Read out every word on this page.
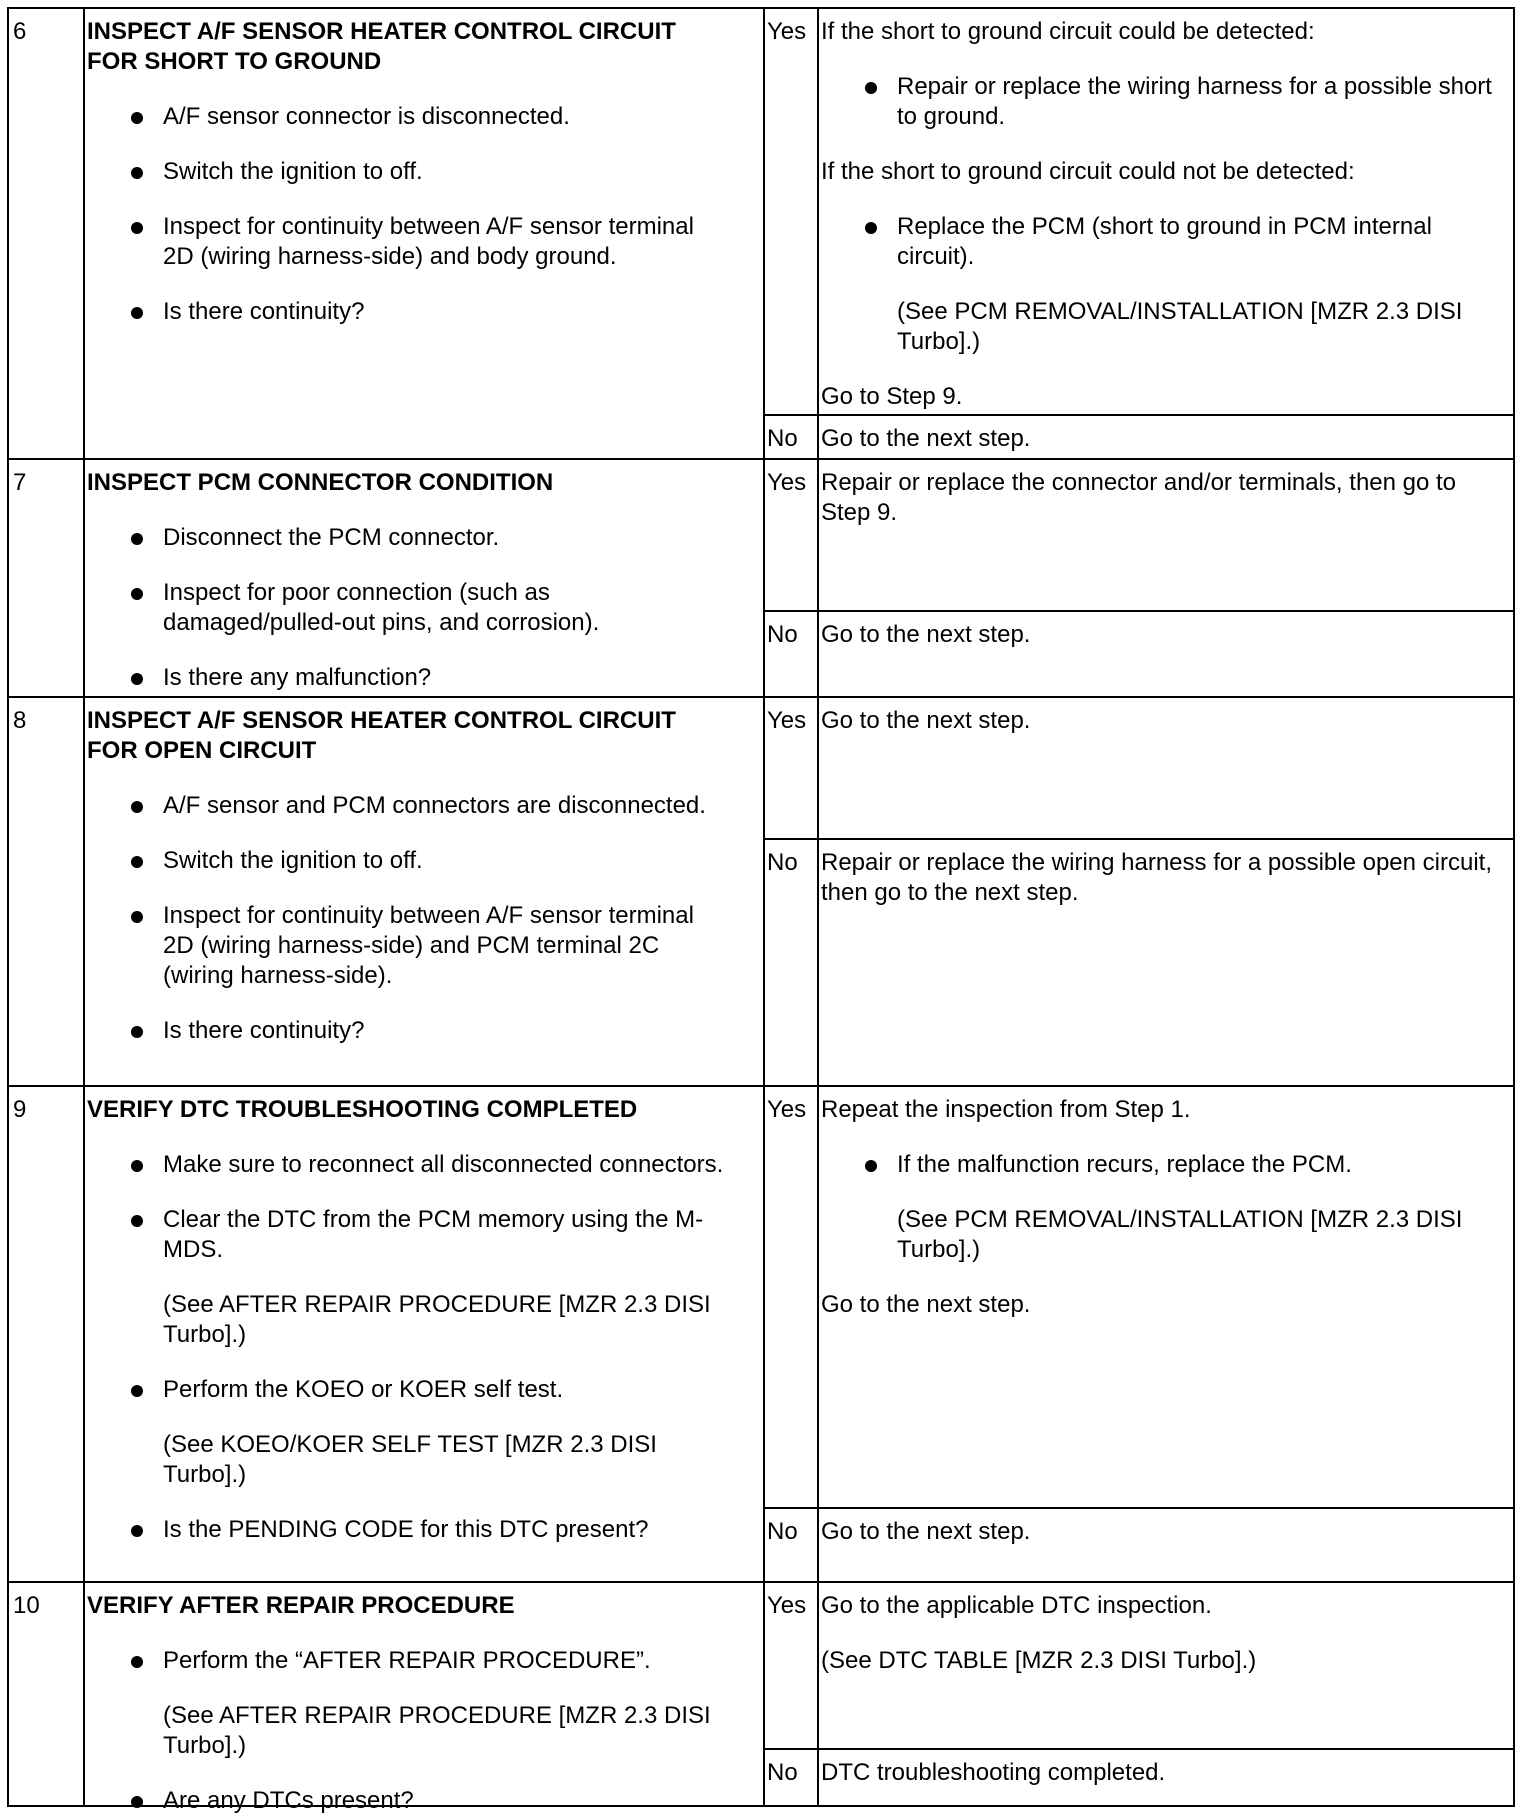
6	INSPECT A/F SENSOR HEATER CONTROL CIRCUIT FOR SHORT TO GROUND
A/F sensor connector is disconnected.
Switch the ignition to off.
Inspect for continuity between A/F sensor terminal 2D (wiring harness-side) and body ground.
Is there continuity?
Yes If the short to ground circuit could be detected:
Repair or replace the wiring harness for a possible short to ground.
If the short to ground circuit could not be detected:
Replace the PCM (short to ground in PCM internal circuit).
(See PCM REMOVAL/INSTALLATION [MZR 2.3 DISI Turbo].)
Go to Step 9.
No Go to the next step.
7	INSPECT PCM CONNECTOR CONDITION
Disconnect the PCM connector.
Inspect for poor connection (such as damaged/pulled-out pins, and corrosion).
Is there any malfunction?
Yes Repair or replace the connector and/or terminals, then go to Step 9.
No Go to the next step.
8	INSPECT A/F SENSOR HEATER CONTROL CIRCUIT FOR OPEN CIRCUIT
A/F sensor and PCM connectors are disconnected.
Switch the ignition to off.
Inspect for continuity between A/F sensor terminal 2D (wiring harness-side) and PCM terminal 2C (wiring harness-side).
Is there continuity?
Yes Go to the next step.
No Repair or replace the wiring harness for a possible open circuit, then go to the next step.
9	VERIFY DTC TROUBLESHOOTING COMPLETED
Make sure to reconnect all disconnected connectors.
Clear the DTC from the PCM memory using the M-MDS.
(See AFTER REPAIR PROCEDURE [MZR 2.3 DISI Turbo].)
Perform the KOEO or KOER self test.
(See KOEO/KOER SELF TEST [MZR 2.3 DISI Turbo].)
Is the PENDING CODE for this DTC present?
Yes Repeat the inspection from Step 1.
If the malfunction recurs, replace the PCM.
(See PCM REMOVAL/INSTALLATION [MZR 2.3 DISI Turbo].)
Go to the next step.
No Go to the next step.
10 VERIFY AFTER REPAIR PROCEDURE
Perform the “AFTER REPAIR PROCEDURE”.
(See AFTER REPAIR PROCEDURE [MZR 2.3 DISI Turbo].)
Are any DTCs present?
Yes Go to the applicable DTC inspection.
(See DTC TABLE [MZR 2.3 DISI Turbo].)
No DTC troubleshooting completed.
